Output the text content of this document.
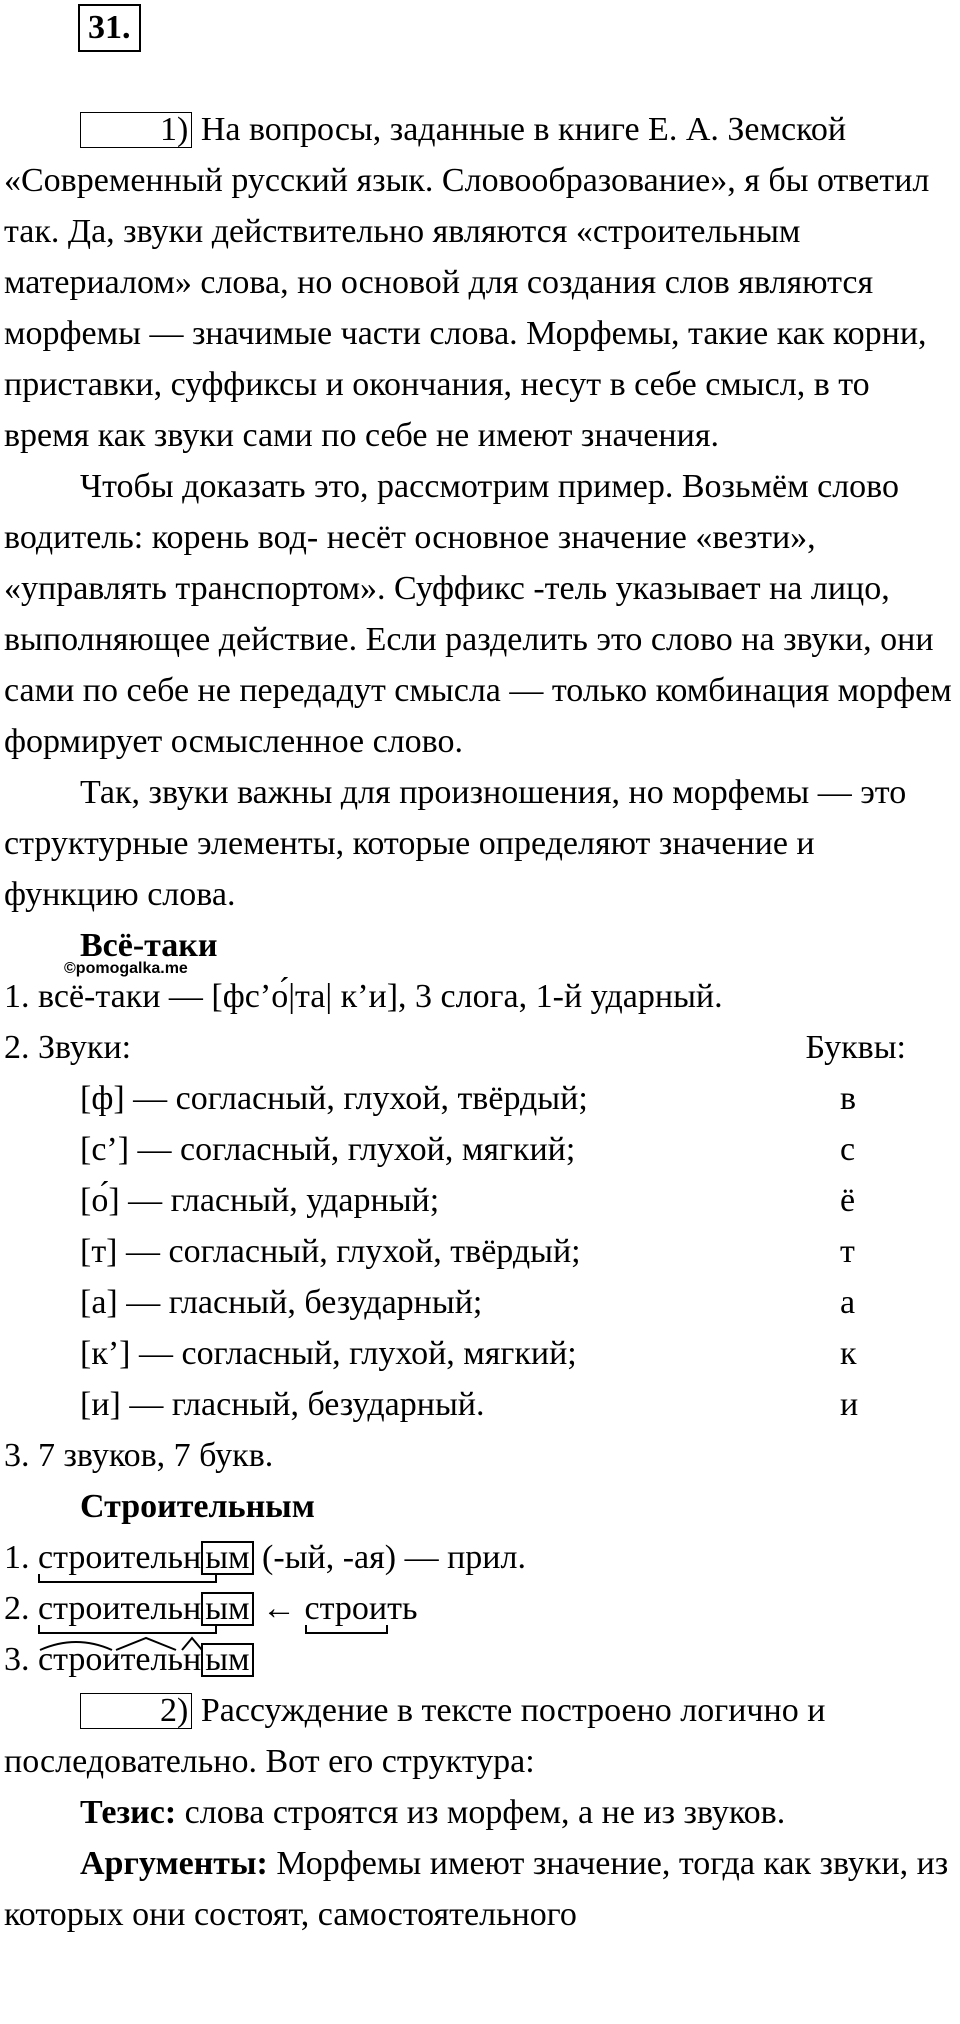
31.

1) На вопросы, заданные в книге Е. А. Земской «Современный русский язык. Словообразование», я бы ответил так. Да, звуки действительно являются «строительным материалом» слова, но основой для создания слов являются морфемы — значимые части слова. Морфемы, такие как корни, приставки, суффиксы и окончания, несут в себе смысл, в то время как звуки сами по себе не имеют значения.

Чтобы доказать это, рассмотрим пример. Возьмём слово водитель: корень вод- несёт основное значение «везти», «управлять транспортом». Суффикс -тель указывает на лицо, выполняющее действие. Если разделить это слово на звуки, они сами по себе не передадут смысла — только комбинация морфем формирует осмысленное слово.

Так, звуки важны для произношения, но морфемы — это структурные элементы, которые определяют значение и функцию слова.

Всё-таки
©pomogalka.me

1. всё-таки — [фс’о́|та| к’и], 3 слога, 1-й ударный.

2. Звуки:	Буквы:
[ф] — согласный, глухой, твёрдый;	в
[с’] — согласный, глухой, мягкий;	с
[о́] — гласный, ударный;	ё
[т] — согласный, глухой, твёрдый;	т
[а] — гласный, безударный;	а
[к’] — согласный, глухой, мягкий;	к
[и] — гласный, безударный.	и

3. 7 звуков, 7 букв.

Строительным

1. строительн ым (-ый, -ая) — прил.

2. строительн ым ← строи
ть

3. строительн ым

2) Рассуждение в тексте построено логично и последовательно. Вот его структура:

Тезис: слова строятся из морфем, а не из звуков.

Аргументы: Морфемы имеют значение, тогда как звуки, из которых они состоят, самостоятельного
